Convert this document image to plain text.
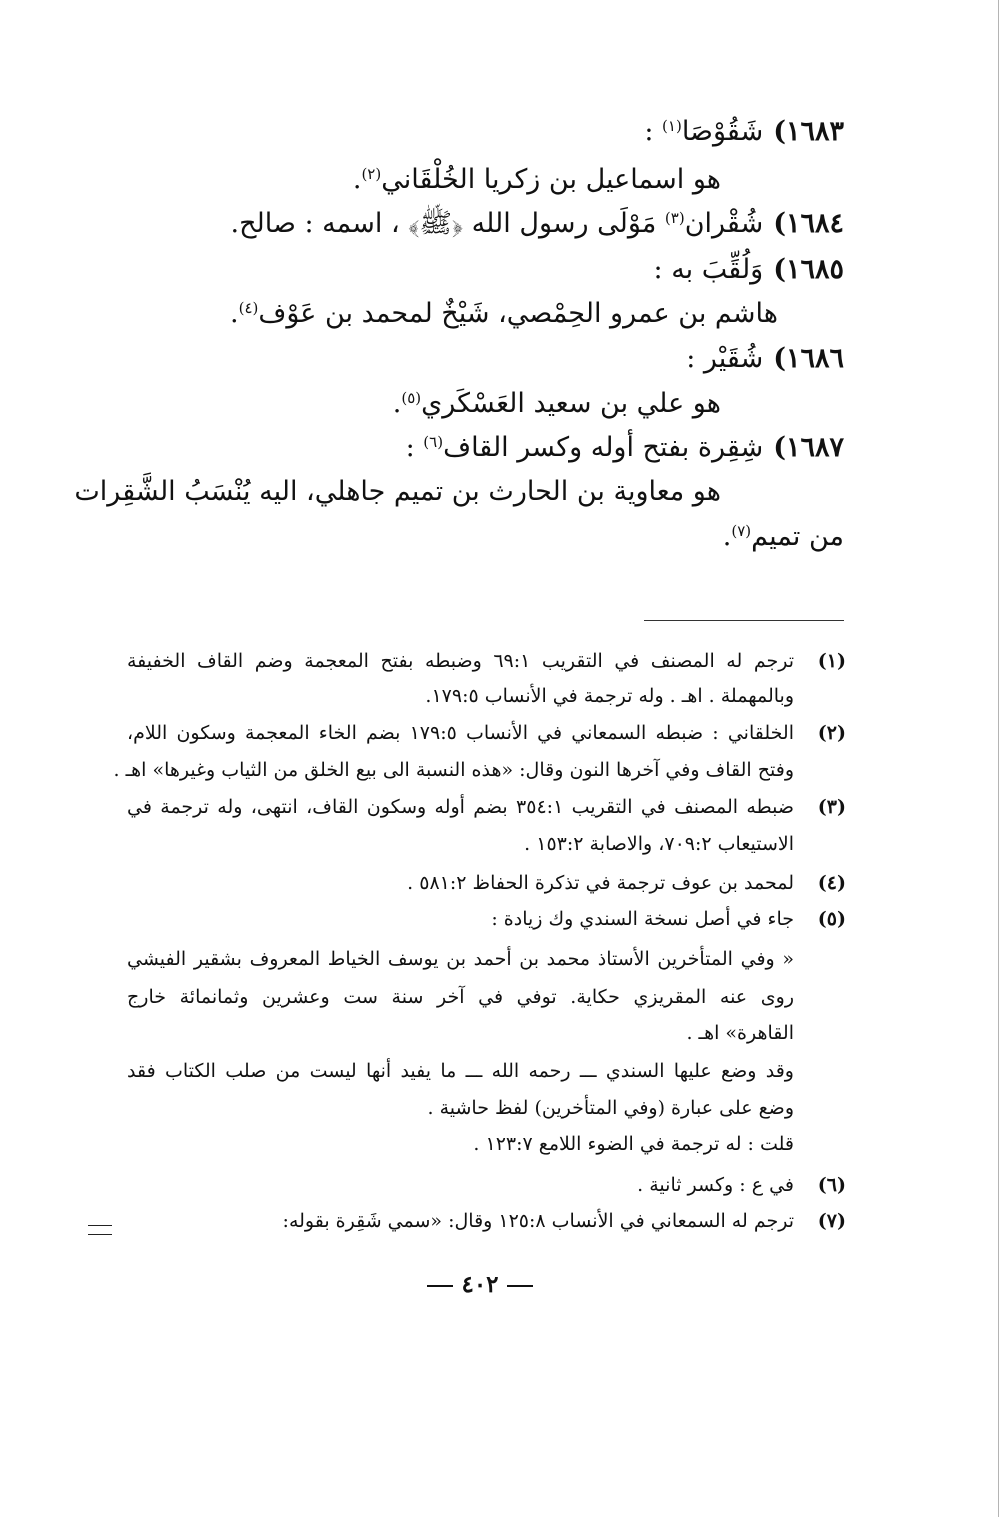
١٦٨٣)شَقُوْصَا$^{(١)}$ :
هو اسماعيل بن زكريا الخُلْقَاني$^{(٢)}$.
١٦٨٤)شُقْران$^{(٣)}$ مَوْلَى رسول الله ﴿ﷺ﴾ ، اسمه : صالح.
١٦٨٥)وَلُقِّبَ به :
هاشم بن عمرو الحِمْصي، شَيْخٌ لمحمد بن عَوْف$^{(٤)}$.
١٦٨٦)شُقَيْر :
هو علي بن سعيد العَسْكَري$^{(٥)}$.
١٦٨٧)شِقِرة بفتح أوله وكسر القاف$^{(٦)}$ :
هو معاوية بن الحارث بن تميم جاهلي، اليه يُنْسَبُ الشَّقِرات
من تميم$^{(٧)}$.
(١)ترجم له المصنف في التقريب ٦٩:١ وضبطه بفتح المعجمة وضم القاف الخفيفة
وبالمهملة . اهـ . وله ترجمة في الأنساب ١٧٩:٥.
(٢)الخلقاني : ضبطه السمعاني في الأنساب ١٧٩:٥ بضم الخاء المعجمة وسكون اللام،
وفتح القاف وفي آخرها النون وقال: «هذه النسبة الى بيع الخلق من الثياب وغيرها» اهـ .
(٣)ضبطه المصنف في التقريب ٣٥٤:١ بضم أوله وسكون القاف، انتهى، وله ترجمة في
الاستيعاب ٧٠٩:٢، والاصابة ١٥٣:٢ .
(٤)لمحمد بن عوف ترجمة في تذكرة الحفاظ ٥٨١:٢ .
(٥)جاء في أصل نسخة السندي وك زيادة :
« وفي المتأخرين الأستاذ محمد بن أحمد بن يوسف الخياط المعروف بشقير الفيشي
روى عنه المقريزي حكاية. توفي في آخر سنة ست وعشرين وثمانمائة خارج
القاهرة» اهـ .
وقد وضع عليها السندي ـــ رحمه الله ـــ ما يفيد أنها ليست من صلب الكتاب فقد
وضع على عبارة (وفي المتأخرين) لفظ حاشية .
قلت : له ترجمة في الضوء اللامع ١٢٣:٧ .
(٦)في ع : وكسر ثانية .
(٧)ترجم له السمعاني في الأنساب ١٢٥:٨ وقال: «سمي شَقِرة بقوله:
٤٠٢
